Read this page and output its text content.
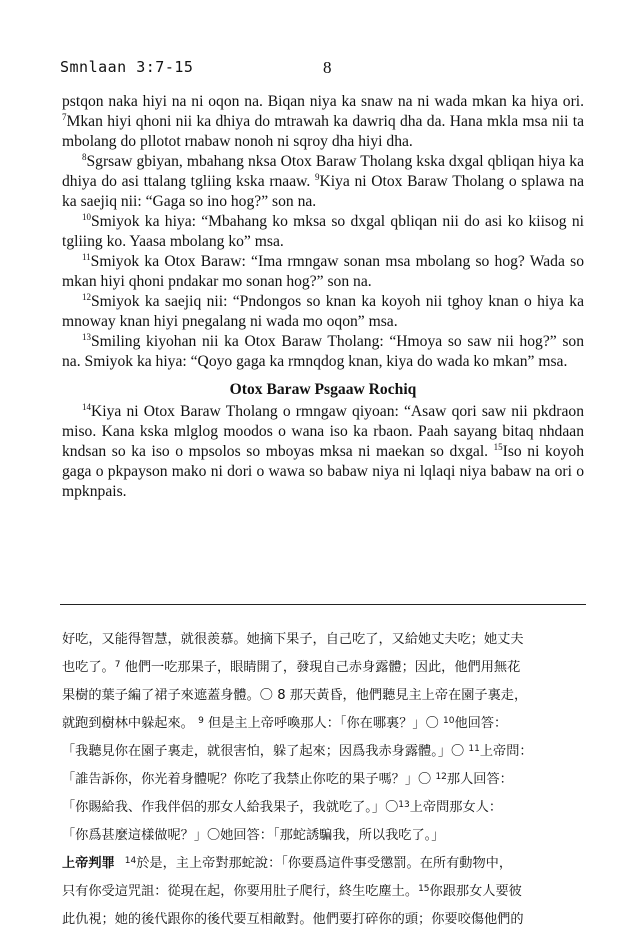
Smnlaan 3:7-15	8

pstqon naka hiyi na ni oqon na. Biqan niya ka snaw na ni wada mkan ka hiya ori. $^7$Mkan hiyi qhoni nii ka dhiya do mtrawah ka dawriq dha da. Hana mkla msa nii ta mbolang do pllotot rnabaw nonoh ni sqroy dha hiyi dha.

$^8$Sgrsaw gbiyan, mbahang nksa Otox Baraw Tholang kska dxgal qbliqan hiya ka dhiya do asi ttalang tgliing kska rnaaw. $^9$Kiya ni Otox Baraw Tholang o splawa na ka saejiq nii: “Gaga so ino hog?” son na.

$^{10}$Smiyok ka hiya: “Mbahang ko mksa so dxgal qbliqan nii do asi ko kiisog ni tgliing ko. Yaasa mbolang ko” msa.

$^{11}$Smiyok ka Otox Baraw: “Ima rmngaw sonan msa mbolang so hog? Wada so mkan hiyi qhoni pndakar mo sonan hog?” son na.

$^{12}$Smiyok ka saejiq nii: “Pndongos so knan ka koyoh nii tghoy knan o hiya ka mnoway knan hiyi pnegalang ni wada mo oqon” msa.

$^{13}$Smiling kiyohan nii ka Otox Baraw Tholang: “Hmoya so saw nii hog?” son na. Smiyok ka hiya: “Qoyo gaga ka rmnqdog knan, kiya do wada ko mkan” msa.

Otox Baraw Psgaaw Rochiq

$^{14}$Kiya ni Otox Baraw Tholang o rmngaw qiyoan: “Asaw qori saw nii pkdraon miso. Kana kska mlglog moodos o wana iso ka rbaon. Paah sayang bitaq nhdaan kndsan so ka iso o mpsolos so mboyas mksa ni maekan so dxgal. $^{15}$Iso ni koyoh gaga o pkpayson mako ni dori o wawa so babaw niya ni lqlaqi niya babaw na ori o mpknpais.

好吃，又能得智慧，就很羨慕。她摘下果子，自己吃了，又給她丈夫吃；她丈夫
也吃了。$^7$ 他們一吃那果子，眼睛開了，發現自己赤身露體；因此，他們用無花
果樹的葉子編了裙子來遮蓋身體。〇 8 那天黃昏，他們聽見主上帝在園子裏走，
就跑到樹林中躲起來。 $^9$ 但是主上帝呼喚那人：「你在哪裏？」〇 $^{10}$他回答：
「我聽見你在園子裏走，就很害怕，躲了起來；因爲我赤身露體。」〇 $^{11}$上帝問：
「誰告訴你，你光着身體呢？你吃了我禁止你吃的果子嗎？」〇 $^{12}$那人回答：
「你賜給我、作我伴侶的那女人給我果子，我就吃了。」〇$^{13}$上帝問那女人：
「你爲甚麼這樣做呢？」〇她回答：「那蛇誘騙我，所以我吃了。」
上帝判罪 $^{14}$於是，主上帝對那蛇說：「你要爲這件事受懲罰。在所有動物中，
只有你受這咒詛：從現在起，你要用肚子爬行，終生吃塵土。$^{15}$你跟那女人要彼
此仇視；她的後代跟你的後代要互相敵對。他們要打碎你的頭；你要咬傷他們的
